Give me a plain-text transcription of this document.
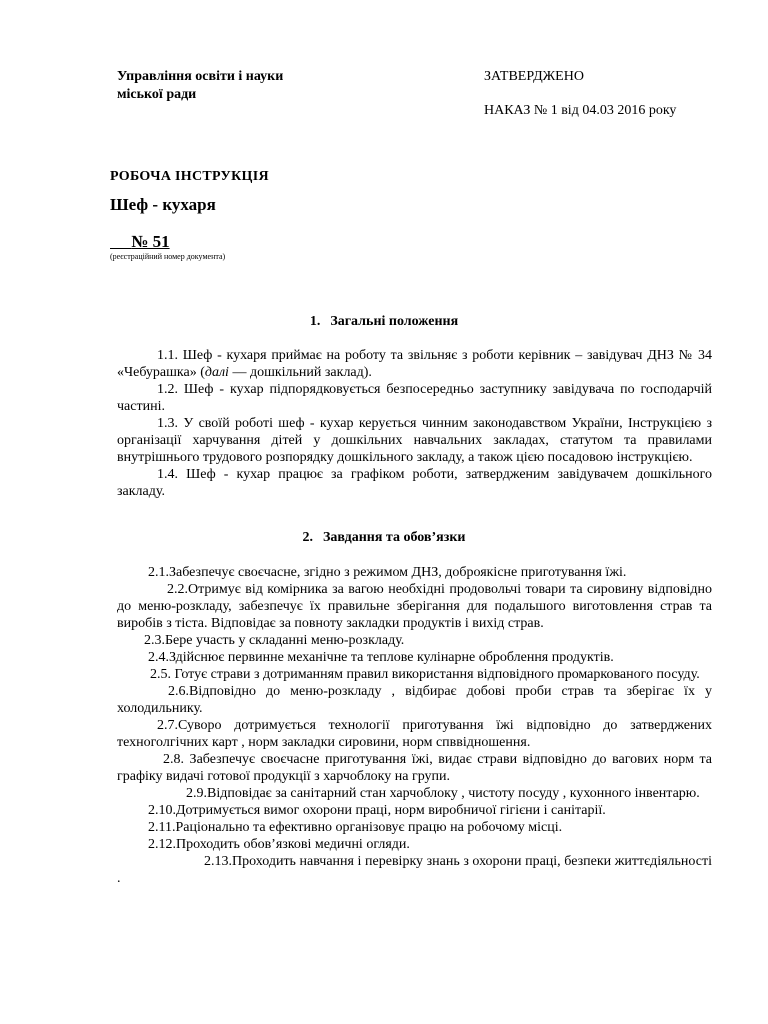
Управління освіти і науки
міської ради
ЗАТВЕРДЖЕНО
НАКАЗ № 1 від 04.03 2016 року
РОБОЧА ІНСТРУКЦІЯ
Шеф - кухаря
№ 51
(реєстраційний номер документа)
1. Загальні положення

1.1. Шеф - кухаря приймає на роботу та звільняє з роботи керівник – завідувач ДНЗ № 34 «Чебурашка» (далі — дошкільний заклад).

1.2. Шеф - кухар підпорядковується безпосередньо заступнику завідувача по господарчій частині.

1.3. У своїй роботі шеф - кухар керується чинним законодавством України, Інструкцією з організації харчування дітей у дошкільних навчальних закладах, статутом та правилами внутрішнього трудового розпорядку дошкільного закладу, а також цією посадовою інструкцією.

1.4. Шеф - кухар працює за графіком роботи, затвердженим завідувачем дошкільного закладу.

2. Завдання та обов’язки

2.1.Забезпечує своєчасне, згідно з режимом ДНЗ, доброякісне приготування їжі.

2.2.Отримує від комірника за вагою необхідні продовольчі товари та сировину відповідно до меню-розкладу, забезпечує їх правильне зберігання для подальшого виготовлення страв та виробів з тіста. Відповідає за повноту закладки продуктів і вихід страв.

2.3.Бере участь у складанні меню-розкладу.

2.4.Здійснює первинне механічне та теплове кулінарне оброблення продуктів.

2.5. Готує страви з дотриманням правил використання відповідного промаркованого посуду.

2.6.Відповідно до меню-розкладу , відбирає добові проби страв та зберігає їх у холодильнику.

2.7.Суворо дотримується технології приготування їжі відповідно до затверджених техноголгічних карт , норм закладки сировини, норм спввідношення.

2.8. Забезпечує своєчасне приготування їжі, видає страви відповідно до вагових норм та графіку видачі готової продукції з харчоблоку на групи.

2.9.Відповідає за санітарний стан харчоблоку , чистоту посуду , кухонного інвентарю.

2.10.Дотримується вимог охорони праці, норм виробничої гігієни і санітарії.

2.11.Раціонально та ефективно організовує працю на робочому місці.

2.12.Проходить обов’язкові медичні огляди.

2.13.Проходить навчання і перевірку знань з охорони праці, безпеки життєдіяльності .
